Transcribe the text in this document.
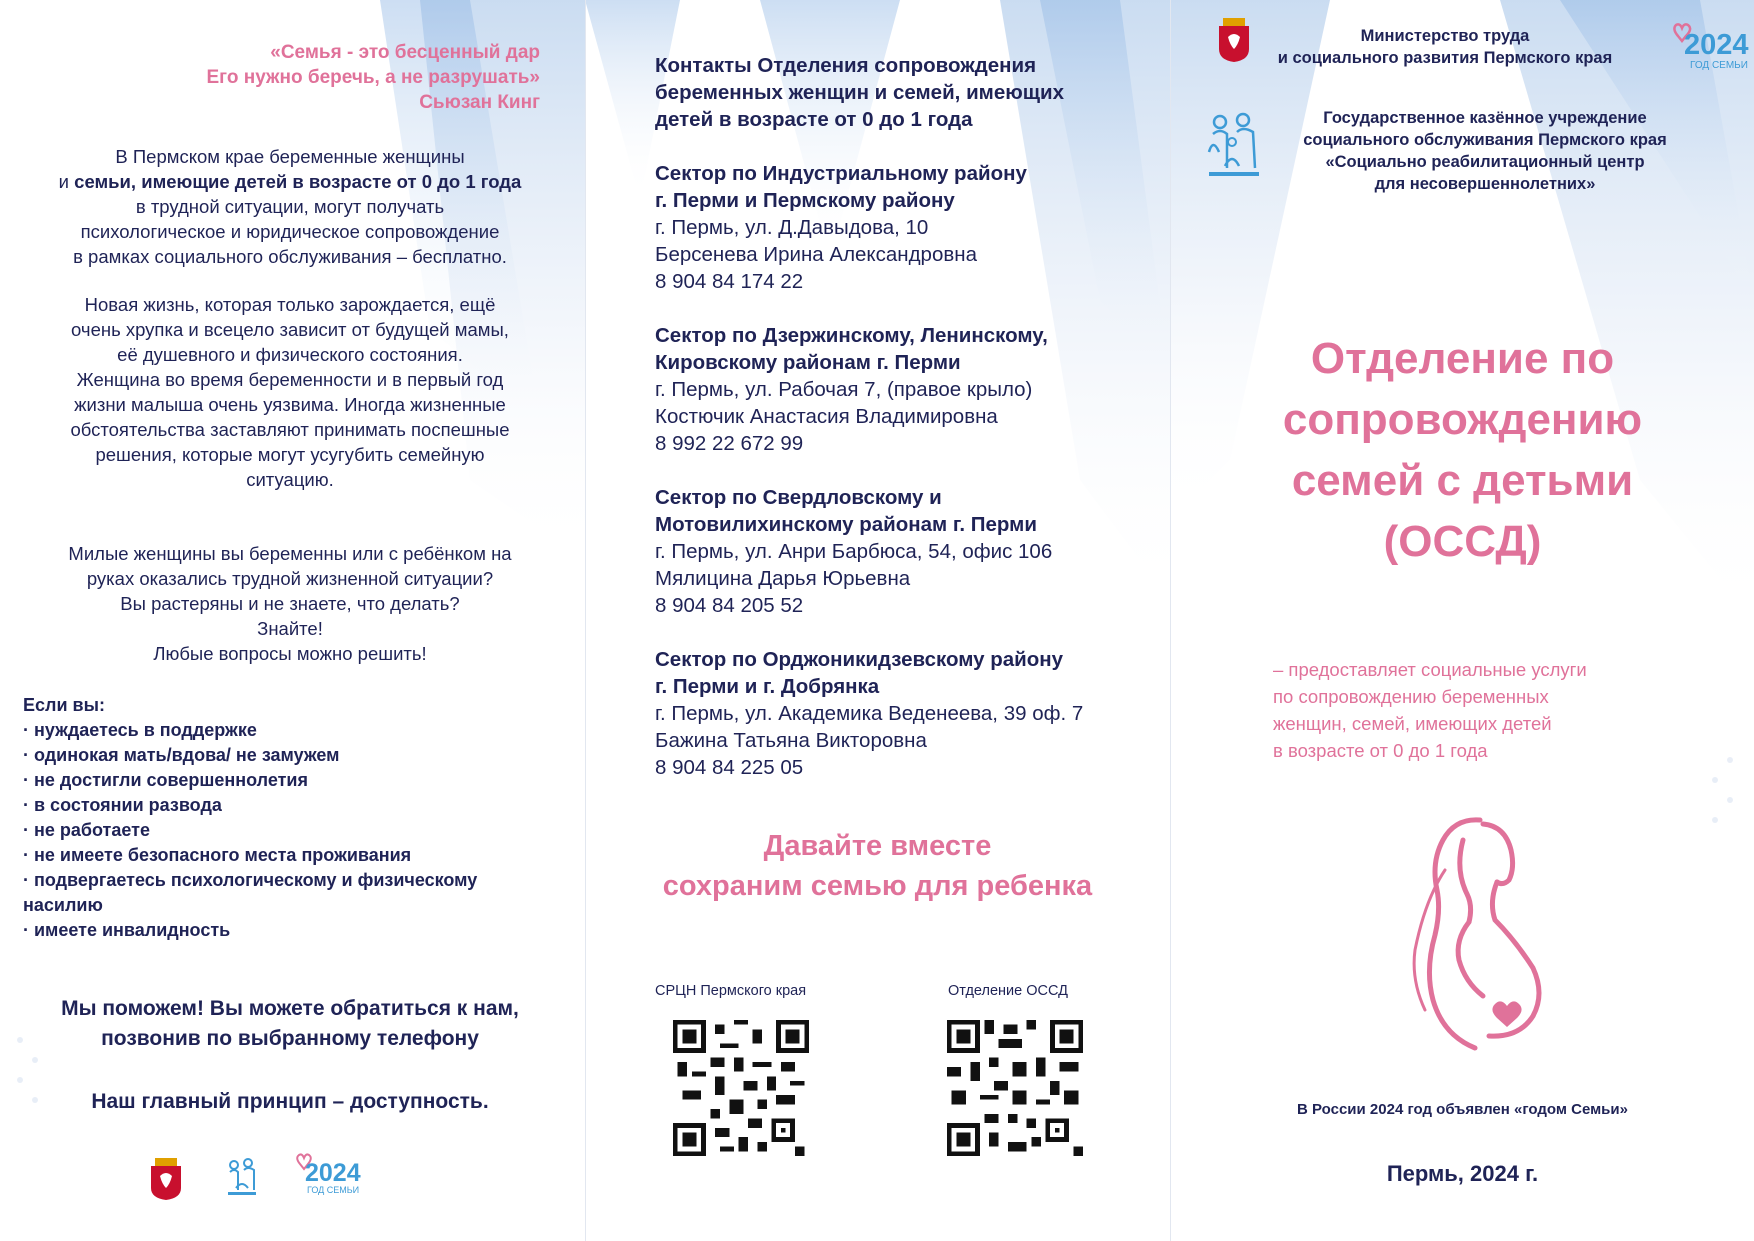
«Семья - это бесценный дар
Его нужно беречь, а не разрушать»
Сьюзан Кинг
В Пермском крае беременные женщины
и семьи, имеющие детей в возрасте от 0 до 1 года
в трудной ситуации, могут получать
психологическое и юридическое сопровождение
в рамках социального обслуживания – бесплатно.
Новая жизнь, которая только зарождается, ещё
очень хрупка и всецело зависит от будущей мамы,
её душевного и физического состояния.
Женщина во время беременности и в первый год
жизни малыша очень уязвима. Иногда жизненные
обстоятельства заставляют принимать поспешные
решения, которые могут усугубить семейную
ситуацию.
Милые женщины вы беременны или с ребёнком на
руках оказались трудной жизненной ситуации?
Вы растеряны и не знаете, что делать?
Знайте!
Любые вопросы можно решить!
Если вы:
· нуждаетесь в поддержке
· одинокая мать/вдова/ не замужем
· не достигли совершеннолетия
· в состоянии развода
· не работаете
· не имеете безопасного места проживания
· подвергаетесь психологическому и физическому
насилию
· имеете инвалидность
Мы поможем! Вы можете обратиться к нам,
позвонив по выбранному телефону
Наш главный принцип – доступность.
2024
ГОД СЕМЬИ
Контакты Отделения сопровождения
беременных женщин и семей, имеющих
детей в возрасте от 0 до 1 года
Сектор по Индустриальному району
г. Перми и Пермскому району
г. Пермь, ул. Д.Давыдова, 10
Берсенева Ирина Александровна
8 904 84 174 22
Сектор по Дзержинскому, Ленинскому,
Кировскому районам г. Перми
г. Пермь, ул. Рабочая 7, (правое крыло)
Костючик Анастасия Владимировна
8 992 22 672 99
Сектор по Свердловскому и
Мотовилихинскому районам г. Перми
г. Пермь, ул. Анри Барбюса, 54, офис 106
Мялицина Дарья Юрьевна
8 904 84 205 52
Сектор по Орджоникидзевскому району
г. Перми и г. Добрянка
г. Пермь, ул. Академика Веденеева, 39 оф. 7
Бажина Татьяна Викторовна
8 904 84 225 05
Давайте вместе
сохраним семью для ребенка
СРЦН Пермского края	Отделение ОССД
Министерство труда
и социального развития Пермского края	2024
ГОД СЕМЬИ
Государственное казённое учреждение
социального обслуживания Пермского края
«Социально реабилитационный центр
для несовершеннолетних»
Отделение по
сопровождению
семей с детьми
(ОССД)
– предоставляет социальные услуги
по сопровождению беременных
женщин, семей, имеющих детей
в возрасте от 0 до 1 года
В России 2024 год объявлен «годом Семьи»
Пермь, 2024 г.
